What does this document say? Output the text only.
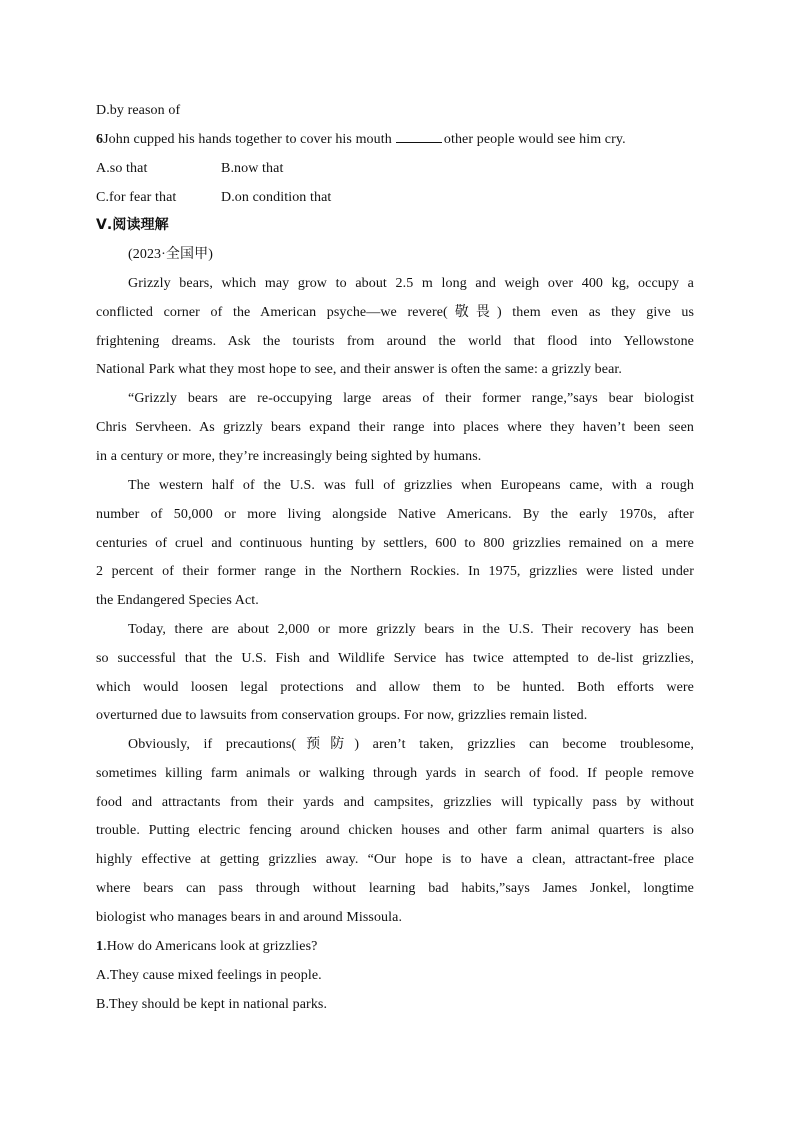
D.by reason of
6John cupped his hands together to cover his mouth	other people would see him cry.
A.so that	B.now that
C.for fear that	D.on condition that
Ⅴ.阅读理解
(2023·全国甲)
Grizzly bears, which may grow to about 2.5 m long and weigh over 400 kg, occupy a
conflicted corner of the American psyche—we revere(敬畏) them even as they give us
frightening dreams. Ask the tourists from around the world that flood into Yellowstone
National Park what they most hope to see, and their answer is often the same: a grizzly bear.
“Grizzly bears are re-occupying large areas of their former range,”says bear biologist
Chris Servheen. As grizzly bears expand their range into places where they haven’t been seen
in a century or more, they’re increasingly being sighted by humans.
The western half of the U.S. was full of grizzlies when Europeans came, with a rough
number of 50,000 or more living alongside Native Americans. By the early 1970s, after
centuries of cruel and continuous hunting by settlers, 600 to 800 grizzlies remained on a mere
2 percent of their former range in the Northern Rockies. In 1975, grizzlies were listed under
the Endangered Species Act.
Today, there are about 2,000 or more grizzly bears in the U.S. Their recovery has been
so successful that the U.S. Fish and Wildlife Service has twice attempted to de-list grizzlies,
which would loosen legal protections and allow them to be hunted. Both efforts were
overturned due to lawsuits from conservation groups. For now, grizzlies remain listed.
Obviously, if precautions(预防) aren’t taken, grizzlies can become troublesome,
sometimes killing farm animals or walking through yards in search of food. If people remove
food and attractants from their yards and campsites, grizzlies will typically pass by without
trouble. Putting electric fencing around chicken houses and other farm animal quarters is also
highly effective at getting grizzlies away. “Our hope is to have a clean, attractant-free place
where bears can pass through without learning bad habits,”says James Jonkel, longtime
biologist who manages bears in and around Missoula.
1.How do Americans look at grizzlies?
A.They cause mixed feelings in people.
B.They should be kept in national parks.
